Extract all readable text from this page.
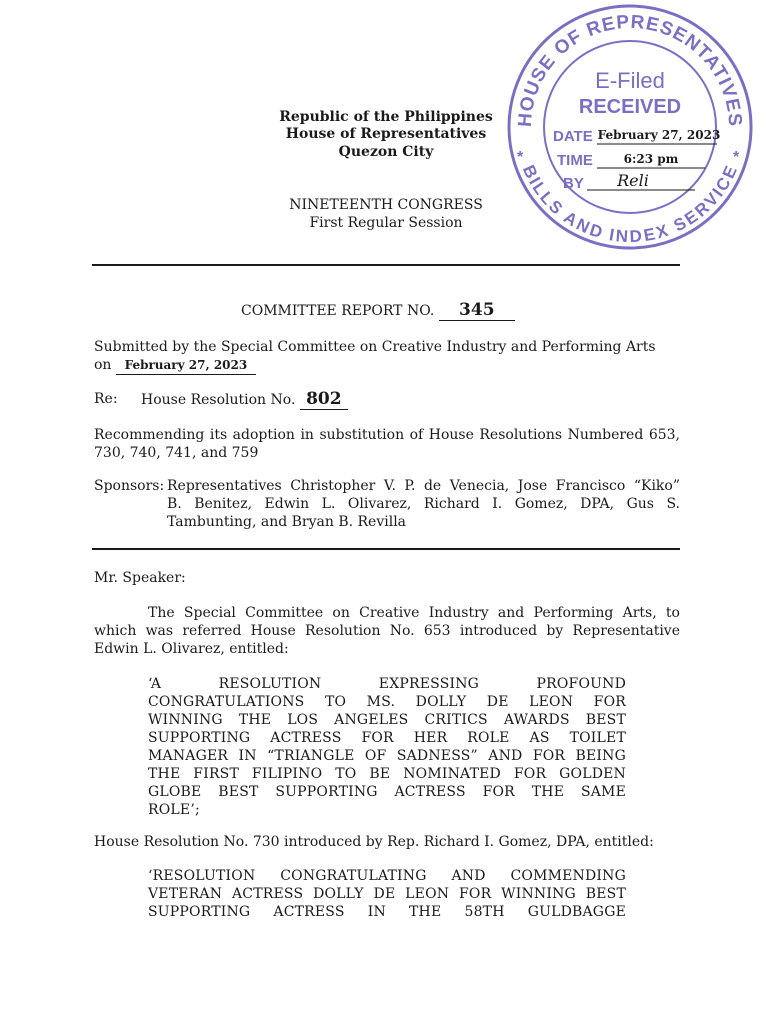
Republic of the Philippines
House of Representatives
Quezon City
NINETEENTH CONGRESS
First Regular Session
HOUSE OF REPRESENTATIVES
BILLS AND INDEX SERVICE
*	*
E-Filed
RECEIVED
DATE February 27, 2023
TIME	6:23 pm
BY Reli
COMMITTEE REPORT NO. 345
Submitted by the Special Committee on Creative Industry and Performing Arts
on February 27, 2023
Re: House Resolution No. 802
Recommending its adoption in substitution of House Resolutions Numbered 653, 730, 740, 741, and 759
Sponsors: Representatives Christopher V. P. de Venecia, Jose Francisco “Kiko”
B. Benitez, Edwin L. Olivarez, Richard I. Gomez, DPA, Gus S.
Tambunting, and Bryan B. Revilla
Mr. Speaker:
The Special Committee on Creative Industry and Performing Arts, to
which was referred House Resolution No. 653 introduced by Representative
Edwin L. Olivarez, entitled:
‘A RESOLUTION EXPRESSING PROFOUND
CONGRATULATIONS TO MS. DOLLY DE LEON FOR
WINNING THE LOS ANGELES CRITICS AWARDS BEST
SUPPORTING ACTRESS FOR HER ROLE AS TOILET
MANAGER IN “TRIANGLE OF SADNESS” AND FOR BEING
THE FIRST FILIPINO TO BE NOMINATED FOR GOLDEN
GLOBE BEST SUPPORTING ACTRESS FOR THE SAME
ROLE’;
House Resolution No. 730 introduced by Rep. Richard I. Gomez, DPA, entitled:
‘RESOLUTION CONGRATULATING AND COMMENDING
VETERAN ACTRESS DOLLY DE LEON FOR WINNING BEST
SUPPORTING ACTRESS IN THE 58TH GULDBAGGE
